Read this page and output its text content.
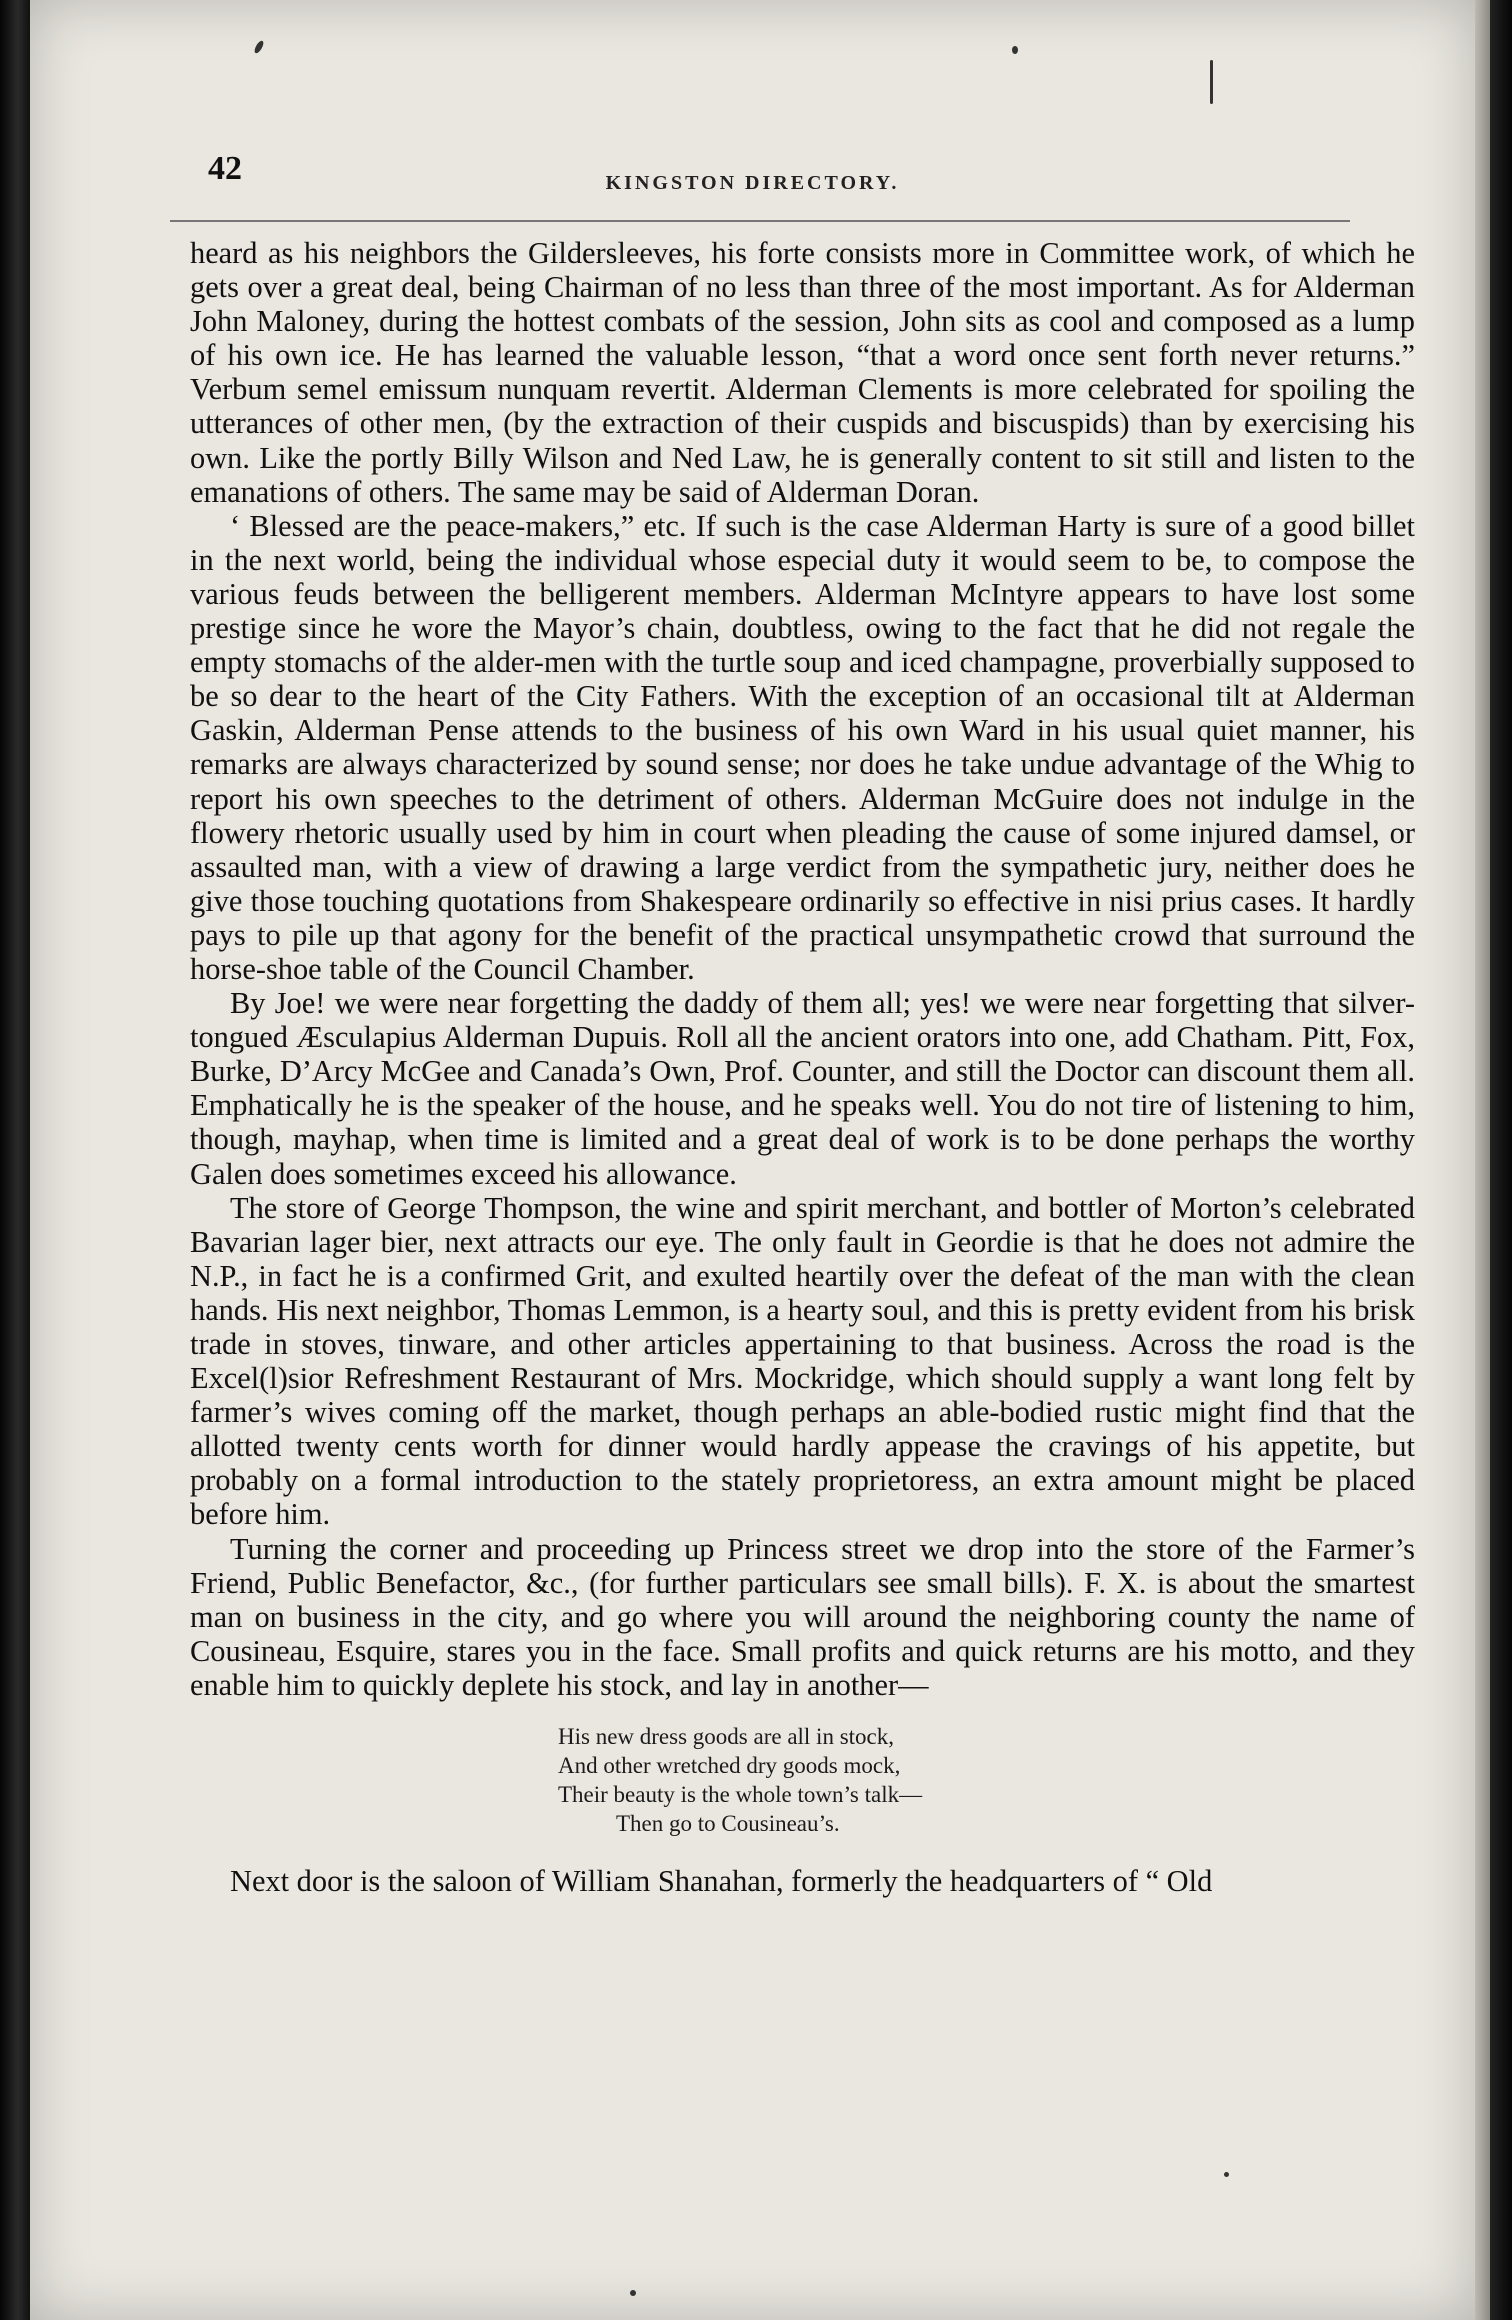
42	KINGSTON DIRECTORY.

heard as his neighbors the Gildersleeves, his forte consists more in Committee work, of which he gets over a great deal, being Chairman of no less than three of the most important. As for Alderman John Maloney, during the hottest combats of the session, John sits as cool and composed as a lump of his own ice. He has learned the valuable lesson, “that a word once sent forth never returns.” Verbum semel emissum nunquam revertit. Alderman Clements is more celebrated for spoiling the utterances of other men, (by the extraction of their cuspids and biscuspids) than by exercising his own. Like the portly Billy Wilson and Ned Law, he is generally content to sit still and listen to the emanations of others. The same may be said of Alderman Doran.

‘ Blessed are the peace-makers,” etc. If such is the case Alderman Harty is sure of a good billet in the next world, being the individual whose especial duty it would seem to be, to compose the various feuds between the belligerent members. Alderman McIntyre appears to have lost some prestige since he wore the Mayor’s chain, doubtless, owing to the fact that he did not regale the empty stomachs of the alder-men with the turtle soup and iced champagne, proverbially supposed to be so dear to the heart of the City Fathers. With the exception of an occasional tilt at Alderman Gaskin, Alderman Pense attends to the business of his own Ward in his usual quiet manner, his remarks are always characterized by sound sense; nor does he take undue advantage of the Whig to report his own speeches to the detriment of others. Alderman McGuire does not indulge in the flowery rhetoric usually used by him in court when pleading the cause of some injured damsel, or assaulted man, with a view of drawing a large verdict from the sympathetic jury, neither does he give those touching quotations from Shakespeare ordinarily so effective in nisi prius cases. It hardly pays to pile up that agony for the benefit of the practical unsympathetic crowd that surround the horse-shoe table of the Council Chamber.

By Joe! we were near forgetting the daddy of them all; yes! we were near forgetting that silver-tongued Æsculapius Alderman Dupuis. Roll all the ancient orators into one, add Chatham. Pitt, Fox, Burke, D’Arcy McGee and Canada’s Own, Prof. Counter, and still the Doctor can discount them all. Emphatically he is the speaker of the house, and he speaks well. You do not tire of listening to him, though, mayhap, when time is limited and a great deal of work is to be done perhaps the worthy Galen does sometimes exceed his allowance.

The store of George Thompson, the wine and spirit merchant, and bottler of Morton’s celebrated Bavarian lager bier, next attracts our eye. The only fault in Geordie is that he does not admire the N.P., in fact he is a confirmed Grit, and exulted heartily over the defeat of the man with the clean hands. His next neighbor, Thomas Lemmon, is a hearty soul, and this is pretty evident from his brisk trade in stoves, tinware, and other articles appertaining to that business. Across the road is the Excel(l)sior Refreshment Restaurant of Mrs. Mockridge, which should supply a want long felt by farmer’s wives coming off the market, though perhaps an able-bodied rustic might find that the allotted twenty cents worth for dinner would hardly appease the cravings of his appetite, but probably on a formal introduction to the stately proprietoress, an extra amount might be placed before him.

Turning the corner and proceeding up Princess street we drop into the store of the Farmer’s Friend, Public Benefactor, &c., (for further particulars see small bills). F. X. is about the smartest man on business in the city, and go where you will around the neighboring county the name of Cousineau, Esquire, stares you in the face. Small profits and quick returns are his motto, and they enable him to quickly deplete his stock, and lay in another—

His new dress goods are all in stock,
And other wretched dry goods mock,
Their beauty is the whole town’s talk—
Then go to Cousineau’s.

Next door is the saloon of William Shanahan, formerly the headquarters of “ Old
